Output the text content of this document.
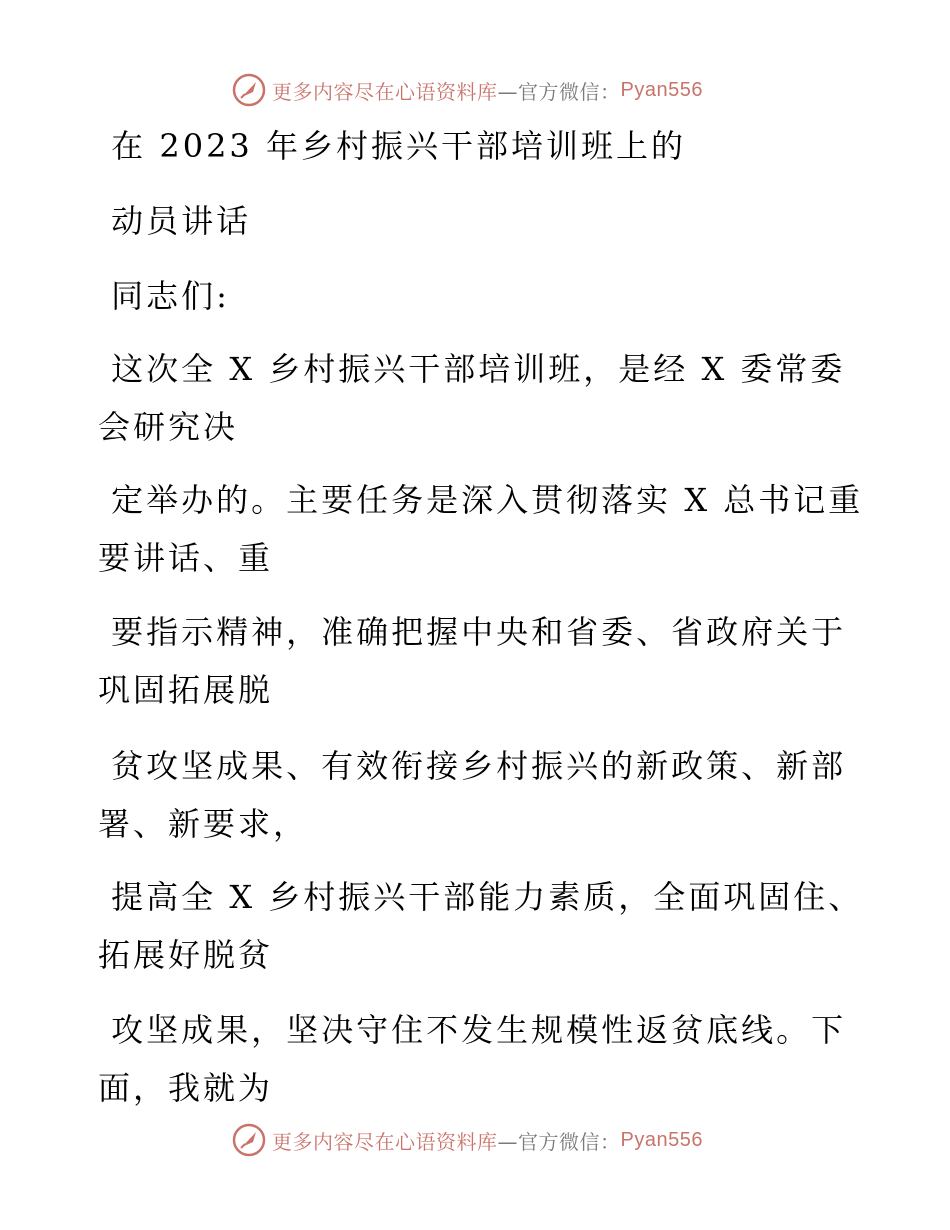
更多内容尽在心语资料库 —官方微信： Pyan556

在 2023 年乡村振兴干部培训班上的

动员讲话

同志们:

这次全 X 乡村振兴干部培训班，是经 X 委常委

会研究决

定举办的。主要任务是深入贯彻落实 X 总书记重

要讲话、重

要指示精神，准确把握中央和省委、省政府关于

巩固拓展脱

贫攻坚成果、有效衔接乡村振兴的新政策、新部

署、新要求，

提高全 X 乡村振兴干部能力素质，全面巩固住、

拓展好脱贫

攻坚成果，坚决守住不发生规模性返贫底线。下

面，我就为

更多内容尽在心语资料库 —官方微信： Pyan556
